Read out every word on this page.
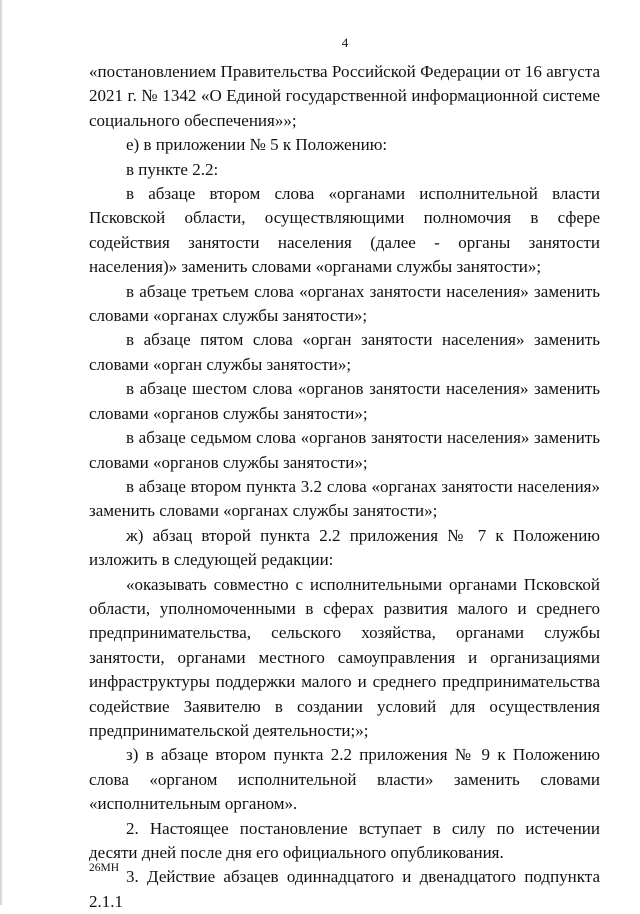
4

«постановлением Правительства Российской Федерации от 16 августа 2021 г. № 1342 «О Единой государственной информационной системе социального обеспечения»»;

е) в приложении № 5 к Положению:

в пункте 2.2:

в абзаце втором слова «органами исполнительной власти Псковской области, осуществляющими полномочия в сфере содействия занятости населения (далее - органы занятости населения)» заменить словами «органами службы занятости»;

в абзаце третьем слова «органах занятости населения» заменить словами «органах службы занятости»;

в абзаце пятом слова «орган занятости населения» заменить словами «орган службы занятости»;

в абзаце шестом слова «органов занятости населения» заменить словами «органов службы занятости»;

в абзаце седьмом слова «органов занятости населения» заменить словами «органов службы занятости»;

в абзаце втором пункта 3.2 слова «органах занятости населения» заменить словами «органах службы занятости»;

ж) абзац второй пункта 2.2 приложения № 7 к Положению изложить в следующей редакции:

«оказывать совместно с исполнительными органами Псковской области, уполномоченными в сферах развития малого и среднего предпринимательства, сельского хозяйства, органами службы занятости, органами местного самоуправления и организациями инфраструктуры поддержки малого и среднего предпринимательства содействие Заявителю в создании условий для осуществления предпринимательской деятельности;»;

з) в абзаце втором пункта 2.2 приложения № 9 к Положению слова «органом исполнительной власти» заменить словами «исполнительным органом».

2. Настоящее постановление вступает в силу по истечении десяти дней после дня его официального опубликования.

3. Действие абзацев одиннадцатого и двенадцатого подпункта 2.1.1

26МН
